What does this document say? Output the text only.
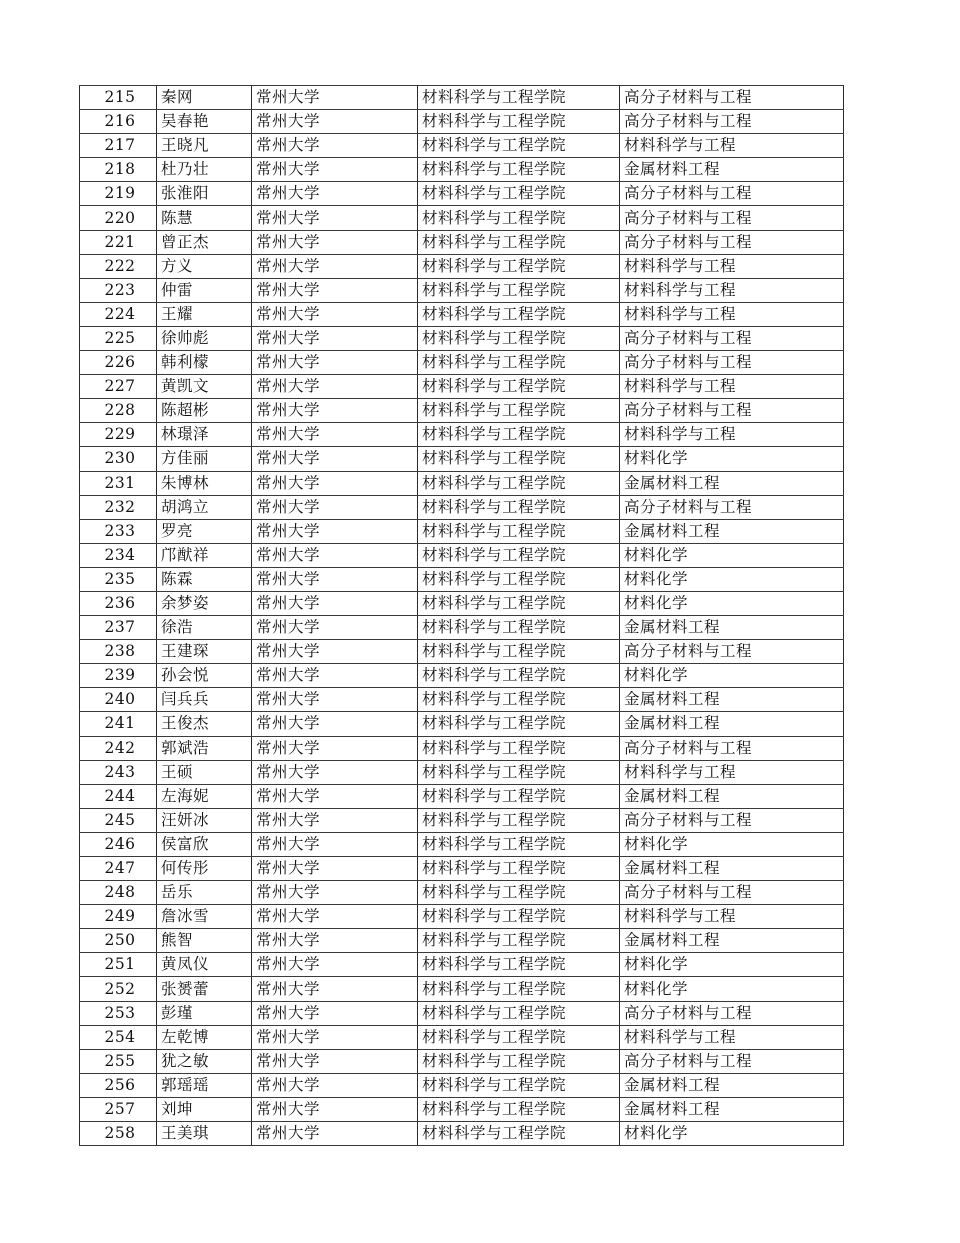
215	秦网	常州大学	材料科学与工程学院	高分子材料与工程
216	吴春艳	常州大学	材料科学与工程学院	高分子材料与工程
217	王晓凡	常州大学	材料科学与工程学院	材料科学与工程
218	杜乃壮	常州大学	材料科学与工程学院	金属材料工程
219	张淮阳	常州大学	材料科学与工程学院	高分子材料与工程
220	陈慧	常州大学	材料科学与工程学院	高分子材料与工程
221	曾正杰	常州大学	材料科学与工程学院	高分子材料与工程
222	方义	常州大学	材料科学与工程学院	材料科学与工程
223	仲雷	常州大学	材料科学与工程学院	材料科学与工程
224	王耀	常州大学	材料科学与工程学院	材料科学与工程
225	徐帅彪	常州大学	材料科学与工程学院	高分子材料与工程
226	韩利檬	常州大学	材料科学与工程学院	高分子材料与工程
227	黄凯文	常州大学	材料科学与工程学院	材料科学与工程
228	陈超彬	常州大学	材料科学与工程学院	高分子材料与工程
229	林璟泽	常州大学	材料科学与工程学院	材料科学与工程
230	方佳丽	常州大学	材料科学与工程学院	材料化学
231	朱博林	常州大学	材料科学与工程学院	金属材料工程
232	胡鸿立	常州大学	材料科学与工程学院	高分子材料与工程
233	罗亮	常州大学	材料科学与工程学院	金属材料工程
234	邝猷祥	常州大学	材料科学与工程学院	材料化学
235	陈霖	常州大学	材料科学与工程学院	材料化学
236	余梦姿	常州大学	材料科学与工程学院	材料化学
237	徐浩	常州大学	材料科学与工程学院	金属材料工程
238	王建琛	常州大学	材料科学与工程学院	高分子材料与工程
239	孙会悦	常州大学	材料科学与工程学院	材料化学
240	闫兵兵	常州大学	材料科学与工程学院	金属材料工程
241	王俊杰	常州大学	材料科学与工程学院	金属材料工程
242	郭斌浩	常州大学	材料科学与工程学院	高分子材料与工程
243	王硕	常州大学	材料科学与工程学院	材料科学与工程
244	左海妮	常州大学	材料科学与工程学院	金属材料工程
245	汪妍冰	常州大学	材料科学与工程学院	高分子材料与工程
246	侯富欣	常州大学	材料科学与工程学院	材料化学
247	何传彤	常州大学	材料科学与工程学院	金属材料工程
248	岳乐	常州大学	材料科学与工程学院	高分子材料与工程
249	詹冰雪	常州大学	材料科学与工程学院	材料科学与工程
250	熊智	常州大学	材料科学与工程学院	金属材料工程
251	黄凤仪	常州大学	材料科学与工程学院	材料化学
252	张赟蕾	常州大学	材料科学与工程学院	材料化学
253	彭瑾	常州大学	材料科学与工程学院	高分子材料与工程
254	左乾博	常州大学	材料科学与工程学院	材料科学与工程
255	犹之敏	常州大学	材料科学与工程学院	高分子材料与工程
256	郭瑶瑶	常州大学	材料科学与工程学院	金属材料工程
257	刘坤	常州大学	材料科学与工程学院	金属材料工程
258	王美琪	常州大学	材料科学与工程学院	材料化学
